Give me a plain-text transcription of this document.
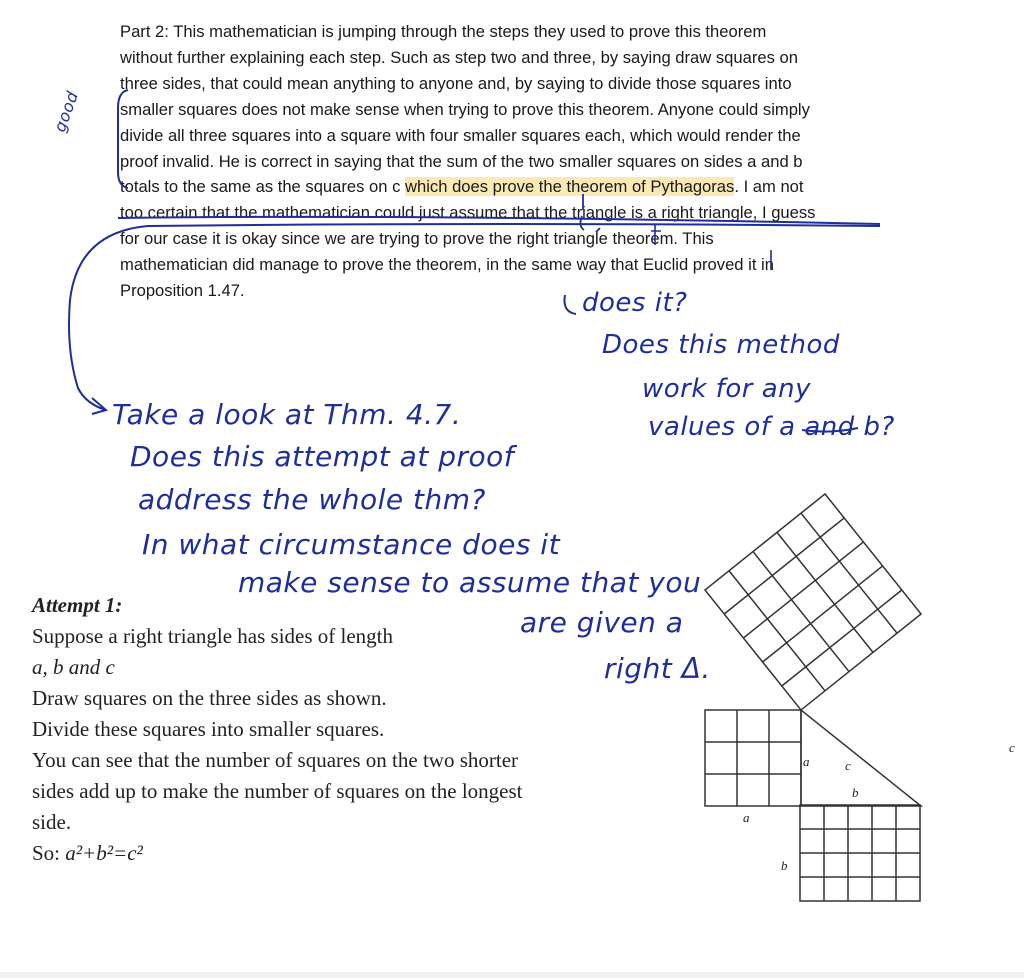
Part 2: This mathematician is jumping through the steps they used to prove this theorem
without further explaining each step. Such as step two and three, by saying draw squares on
three sides, that could mean anything to anyone and, by saying to divide those squares into
smaller squares does not make sense when trying to prove this theorem. Anyone could simply
divide all three squares into a square with four smaller squares each, which would render the
proof invalid. He is correct in saying that the sum of the two smaller squares on sides a and b
totals to the same as the squares on c which does prove the theorem of Pythagoras. I am not
too certain that the mathematician could just assume that the triangle is a right triangle, I guess
for our case it is okay since we are trying to prove the right triangle theorem. This
mathematician did manage to prove the theorem, in the same way that Euclid proved it in
Proposition 1.47.
a	c
b
c
a
b
good
does it?
Does this method
work for any
values of a and b?
Take a look at Thm. 4.7.
Does this attempt at proof
address the whole thm?
In what circumstance does it
make sense to assume that you
are given a
right Δ.
Attempt 1:
Suppose a right triangle has sides of length
a, b and c
Draw squares on the three sides as shown.
Divide these squares into smaller squares.
You can see that the number of squares on the two shorter
sides add up to make the number of squares on the longest
side.
So: a²+b²=c²
